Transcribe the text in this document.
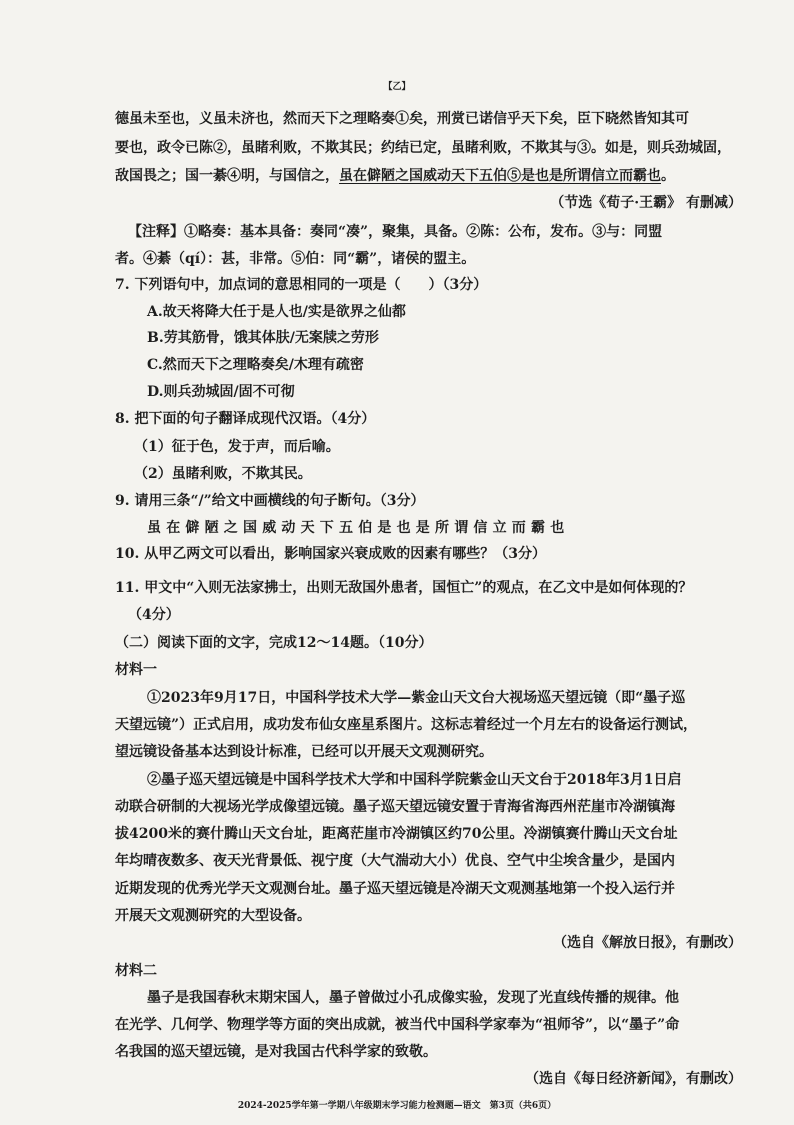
【乙】
德虽未至也，义虽未济也，然而天下之理略奏①矣，刑赏已诺信乎天下矣，臣下晓然皆知其可
要也，政令已陈②，虽睹利败，不欺其民；约结已定，虽睹利败，不欺其与③。如是，则兵劲城固，
敌国畏之；国一綦④明，与国信之，虽在僻陋之国威动天下五伯⑤是也是所谓信立而霸也。
（节选《荀子·王霸》 有删减）
【注释】①略奏：基本具备：奏同“凑”，聚集，具备。②陈：公布，发布。③与：同盟
者。④綦（qí）：甚，非常。⑤伯：同“霸”，诸侯的盟主。
7. 下列语句中，加点词的意思相同的一项是（　　）（3分）
A.故天将降大任于是人也/实是欲界之仙都
B.劳其筋骨，饿其体肤/无案牍之劳形
C.然而天下之理略奏矣/木理有疏密
D.则兵劲城固/固不可彻
8. 把下面的句子翻译成现代汉语。（4分）
（1）征于色，发于声，而后喻。
（2）虽睹利败，不欺其民。
9. 请用三条“/”给文中画横线的句子断句。（3分）
虽在僻陋之国威动天下五伯是也是所谓信立而霸也
10. 从甲乙两文可以看出，影响国家兴衰成败的因素有哪些？（3分）
11. 甲文中“入则无法家拂士，出则无敌国外患者，国恒亡”的观点，在乙文中是如何体现的？
（4分）
（二）阅读下面的文字，完成12～14题。（10分）
材料一
①2023年9月17日，中国科学技术大学—紫金山天文台大视场巡天望远镜（即“墨子巡
天望远镜”）正式启用，成功发布仙女座星系图片。这标志着经过一个月左右的设备运行测试，
望远镜设备基本达到设计标准，已经可以开展天文观测研究。
②墨子巡天望远镜是中国科学技术大学和中国科学院紫金山天文台于2018年3月1日启
动联合研制的大视场光学成像望远镜。墨子巡天望远镜安置于青海省海西州茫崖市冷湖镇海
拔4200米的赛什腾山天文台址，距离茫崖市冷湖镇区约70公里。冷湖镇赛什腾山天文台址
年均晴夜数多、夜天光背景低、视宁度（大气湍动大小）优良、空气中尘埃含量少，是国内
近期发现的优秀光学天文观测台址。墨子巡天望远镜是冷湖天文观测基地第一个投入运行并
开展天文观测研究的大型设备。
（选自《解放日报》，有删改）
材料二
墨子是我国春秋末期宋国人，墨子曾做过小孔成像实验，发现了光直线传播的规律。他
在光学、几何学、物理学等方面的突出成就，被当代中国科学家奉为“祖师爷”，以“墨子”命
名我国的巡天望远镜，是对我国古代科学家的致敬。
（选自《每日经济新闻》，有删改）
2024-2025学年第一学期八年级期末学习能力检测题—语文　第3页（共6页）
